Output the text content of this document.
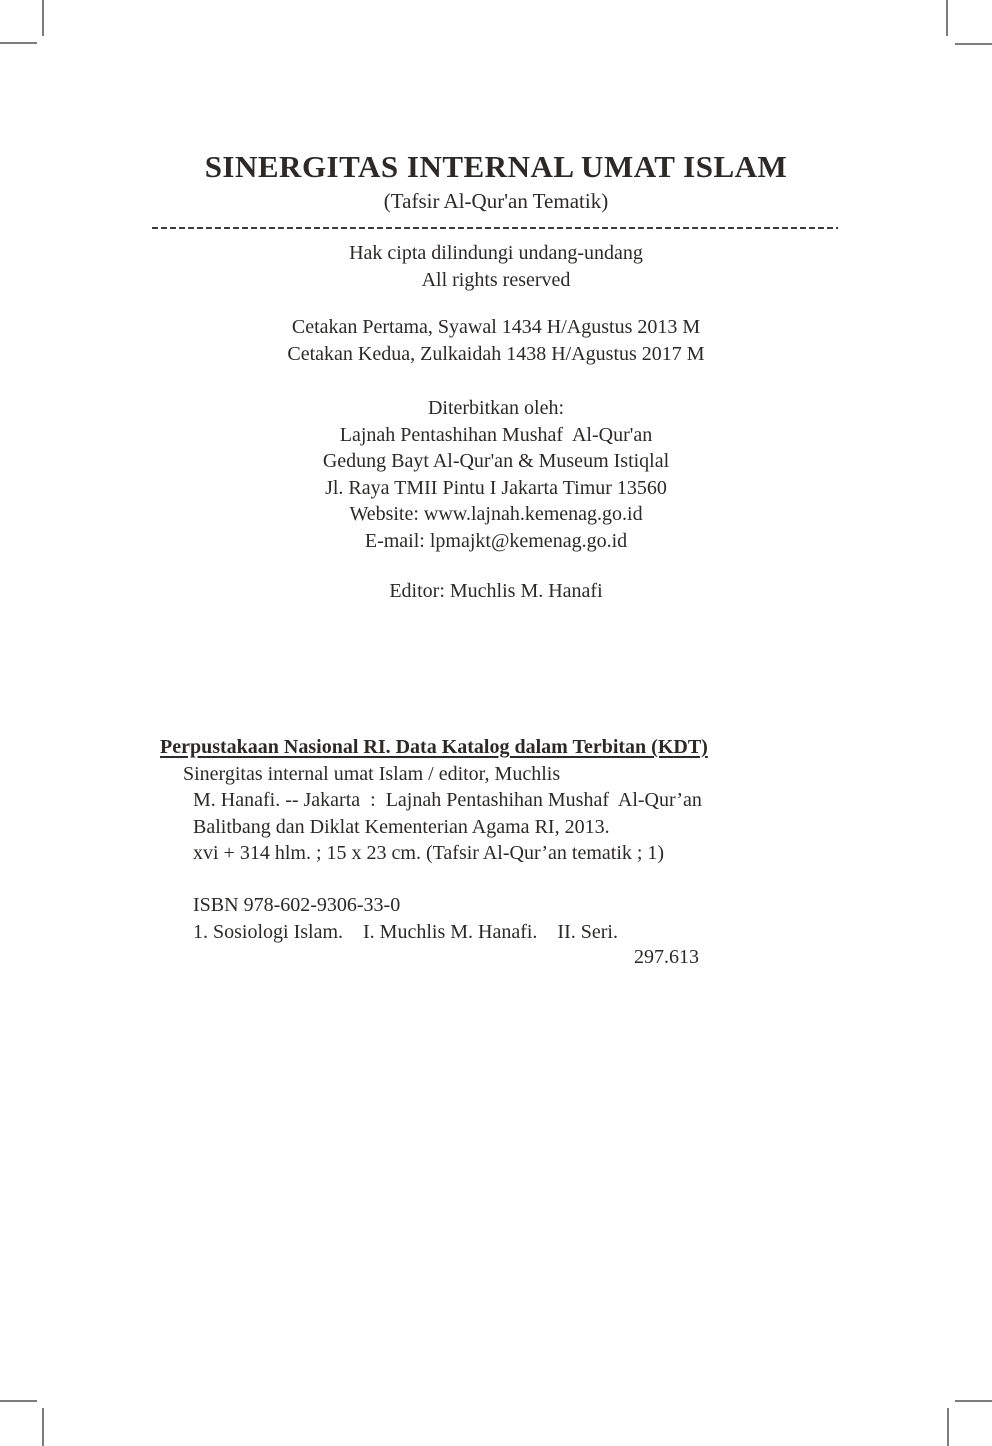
SINERGITAS INTERNAL UMAT ISLAM
(Tafsir Al-Qur'an Tematik)
Hak cipta dilindungi undang-undang
All rights reserved
Cetakan Pertama, Syawal 1434 H/Agustus 2013 M
Cetakan Kedua, Zulkaidah 1438 H/Agustus 2017 M
Diterbitkan oleh:
Lajnah Pentashihan Mushaf  Al-Qur'an
Gedung Bayt Al-Qur'an & Museum Istiqlal
Jl. Raya TMII Pintu I Jakarta Timur 13560
Website: www.lajnah.kemenag.go.id
E-mail: lpmajkt@kemenag.go.id
Editor: Muchlis M. Hanafi
Perpustakaan Nasional RI. Data Katalog dalam Terbitan (KDT)
Sinergitas internal umat Islam / editor, Muchlis
M. Hanafi. -- Jakarta  :  Lajnah Pentashihan Mushaf  Al-Qur’an
Balitbang dan Diklat Kementerian Agama RI, 2013.
xvi + 314 hlm. ; 15 x 23 cm. (Tafsir Al-Qur’an tematik ; 1)
ISBN 978-602-9306-33-0
1. Sosiologi Islam.    I. Muchlis M. Hanafi.    II. Seri.
297.613
